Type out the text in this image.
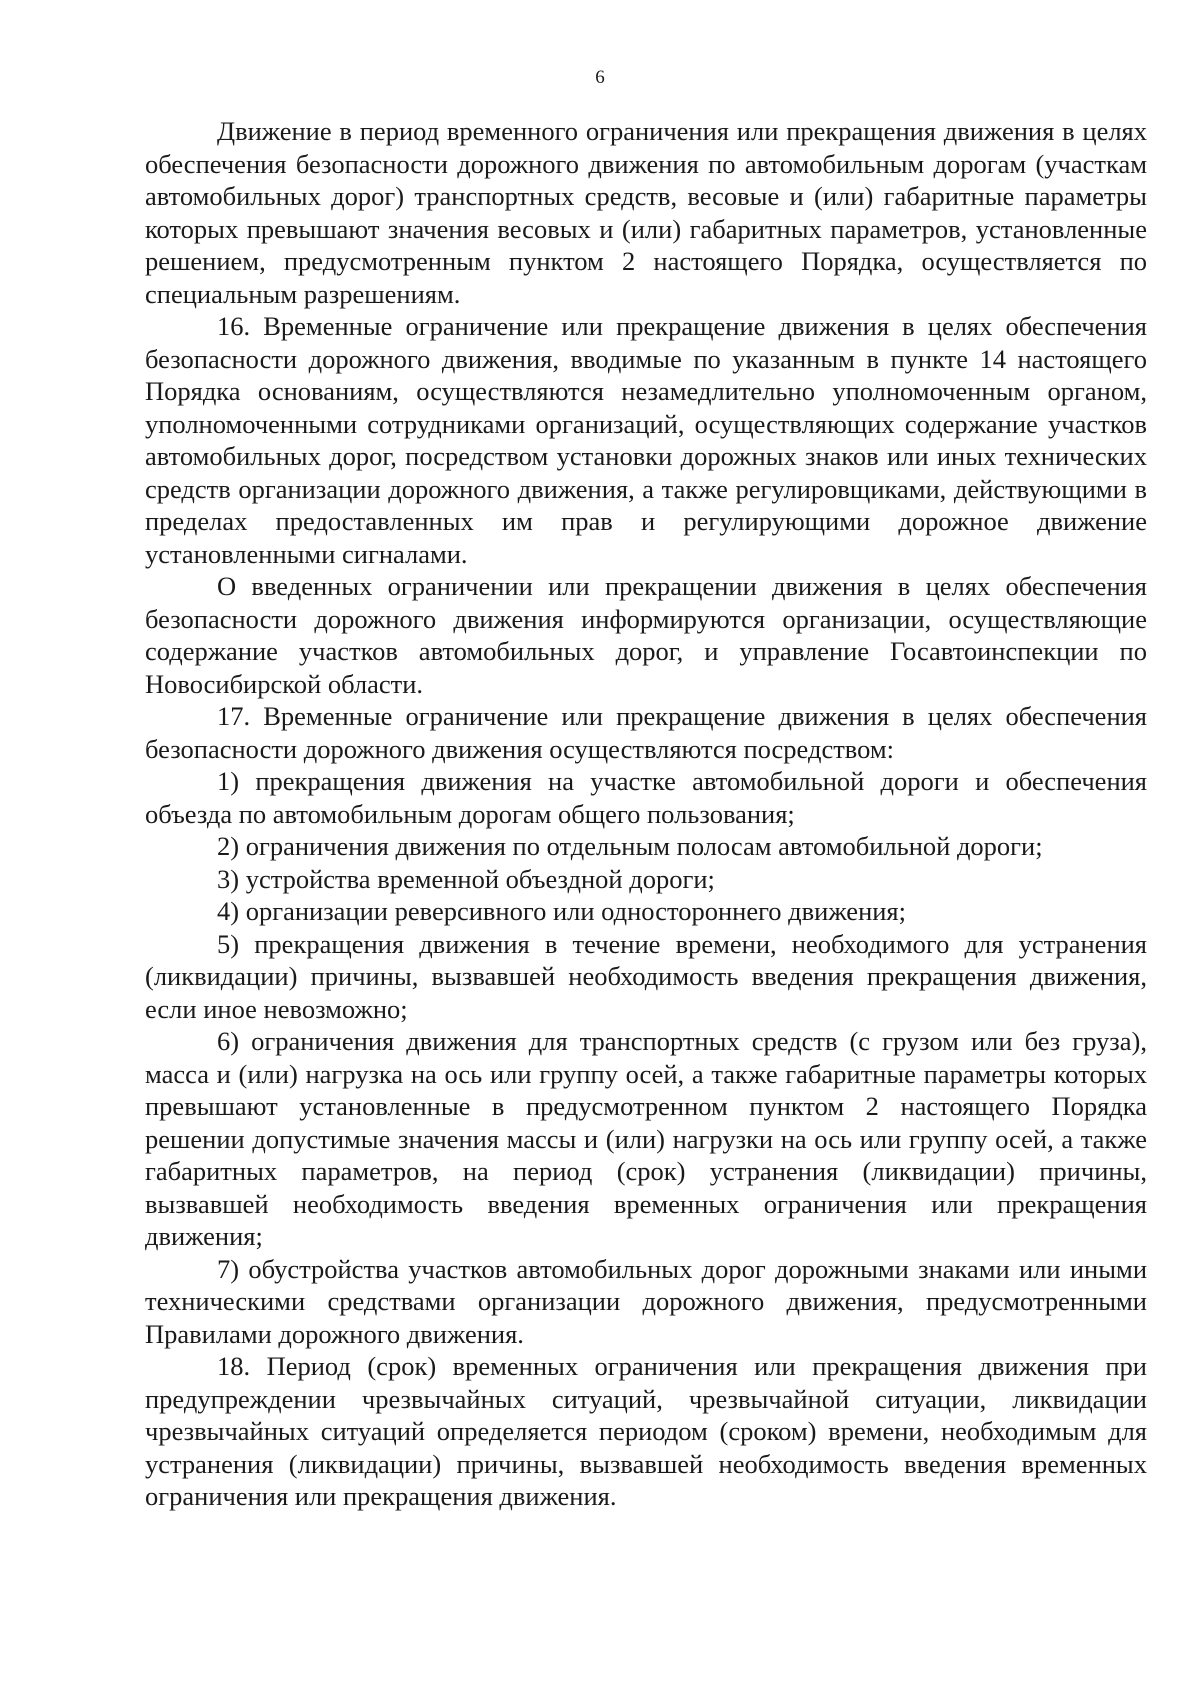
6

Движение в период временного ограничения или прекращения движения в целях обеспечения безопасности дорожного движения по автомобильным дорогам (участкам автомобильных дорог) транспортных средств, весовые и (или) габаритные параметры которых превышают значения весовых и (или) габаритных параметров, установленные решением, предусмотренным пунктом 2 настоящего Порядка, осуществляется по специальным разрешениям.

16. Временные ограничение или прекращение движения в целях обеспечения безопасности дорожного движения, вводимые по указанным в пункте 14 настоящего Порядка основаниям, осуществляются незамедлительно уполномоченным органом, уполномоченными сотрудниками организаций, осуществляющих содержание участков автомобильных дорог, посредством установки дорожных знаков или иных технических средств организации дорожного движения, а также регулировщиками, действующими в пределах предоставленных им прав и регулирующими дорожное движение установленными сигналами.

О введенных ограничении или прекращении движения в целях обеспечения безопасности дорожного движения информируются организации, осуществляющие содержание участков автомобильных дорог, и управление Госавтоинспекции по Новосибирской области.

17. Временные ограничение или прекращение движения в целях обеспечения безопасности дорожного движения осуществляются посредством:

1) прекращения движения на участке автомобильной дороги и обеспечения объезда по автомобильным дорогам общего пользования;

2) ограничения движения по отдельным полосам автомобильной дороги;

3) устройства временной объездной дороги;

4) организации реверсивного или одностороннего движения;

5) прекращения движения в течение времени, необходимого для устранения (ликвидации) причины, вызвавшей необходимость введения прекращения движения, если иное невозможно;

6) ограничения движения для транспортных средств (с грузом или без груза), масса и (или) нагрузка на ось или группу осей, а также габаритные параметры которых превышают установленные в предусмотренном пунктом 2 настоящего Порядка решении допустимые значения массы и (или) нагрузки на ось или группу осей, а также габаритных параметров, на период (срок) устранения (ликвидации) причины, вызвавшей необходимость введения временных ограничения или прекращения движения;

7) обустройства участков автомобильных дорог дорожными знаками или иными техническими средствами организации дорожного движения, предусмотренными Правилами дорожного движения.

18. Период (срок) временных ограничения или прекращения движения при предупреждении чрезвычайных ситуаций, чрезвычайной ситуации, ликвидации чрезвычайных ситуаций определяется периодом (сроком) времени, необходимым для устранения (ликвидации) причины, вызвавшей необходимость введения временных ограничения или прекращения движения.
